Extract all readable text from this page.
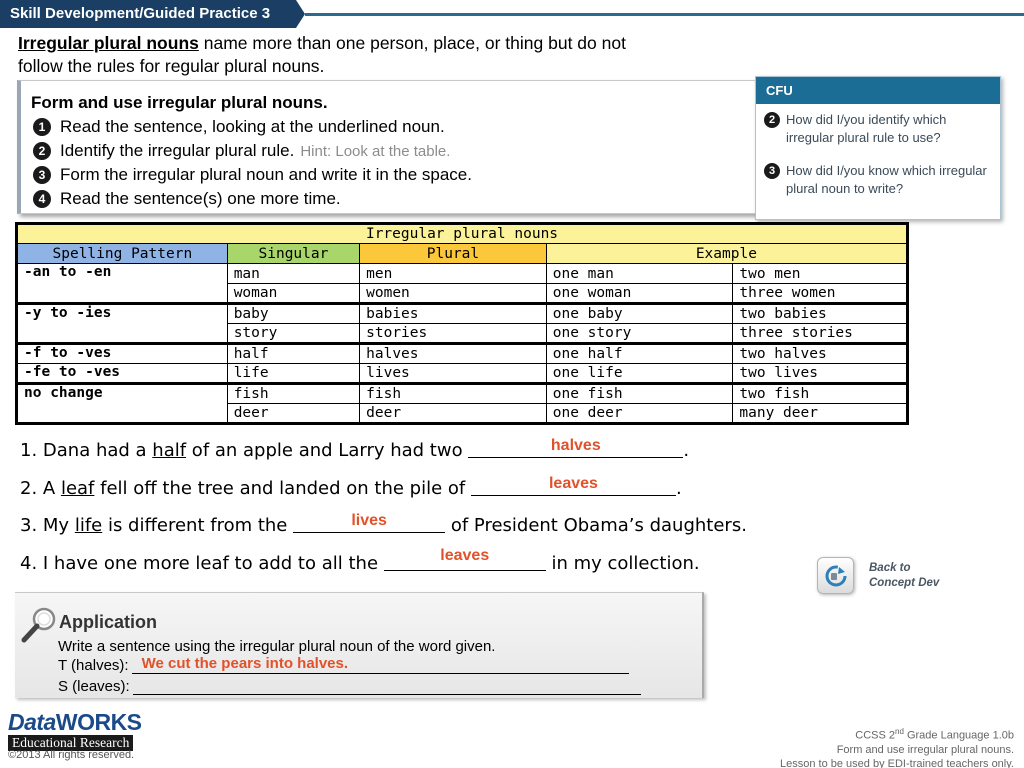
Skill Development/Guided Practice 3
Irregular plural nouns name more than one person, place, or thing but do not
follow the rules for regular plural nouns.
Form and use irregular plural nouns.
1 Read the sentence, looking at the underlined noun.
2 Identify the irregular plural rule. Hint: Look at the table.
3 Form the irregular plural noun and write it in the space.
4 Read the sentence(s) one more time.
CFU
2 How did I/you identify which irregular plural rule to use?
3 How did I/you know which irregular plural noun to write?
Irregular plural nouns				
Spelling Pattern	Singular	Plural	Example	
-an to -en	man	men	one man	two men
	woman	women	one woman	three women
-y to -ies	baby	babies	one baby	two babies
	story	stories	one story	three stories
-f to -ves	half	halves	one half	two halves
-fe to -ves	life	lives	one life	two lives
no change	fish	fish	one fish	two fish
	deer	deer	one deer	many deer
1. Dana had a half of an apple and Larry had two	halves	.
2. A leaf fell off the tree and landed on the pile of	leaves	.
3. My life is different from the	lives	of President Obama’s daughters.
4. I have one more leaf to add to all the	leaves	in my collection.	Back to
Concept Dev
Application
Write a sentence using the irregular plural noun of the word given.
T (halves): We cut the pears into halves.
S (leaves):
DataWORKS
Educational Research
©2013 All rights reserved.
CCSS 2nd Grade Language 1.0b
Form and use irregular plural nouns.
Lesson to be used by EDI-trained teachers only.
